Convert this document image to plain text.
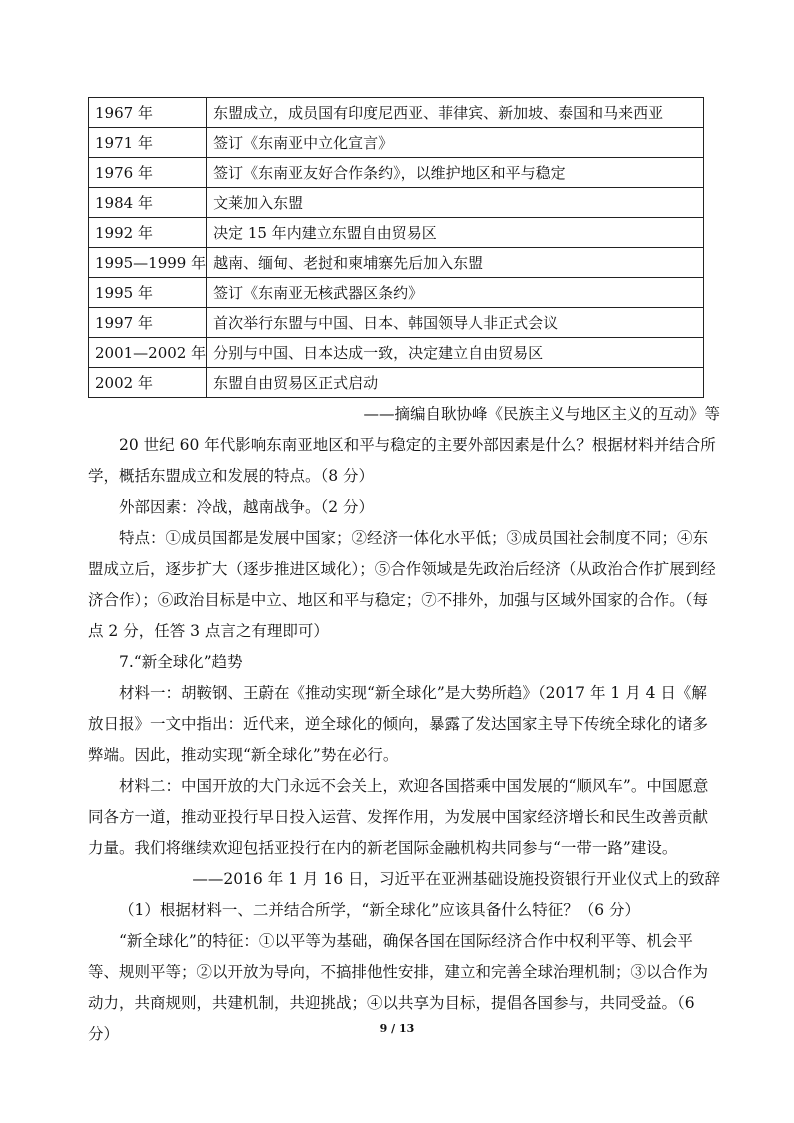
1967 年	东盟成立，成员国有印度尼西亚、菲律宾、新加坡、泰国和马来西亚
1971 年	签订《东南亚中立化宣言》
1976 年	签订《东南亚友好合作条约》，以维护地区和平与稳定
1984 年	文莱加入东盟
1992 年	决定 15 年内建立东盟自由贸易区
1995—1999 年	越南、缅甸、老挝和柬埔寨先后加入东盟
1995 年	签订《东南亚无核武器区条约》
1997 年	首次举行东盟与中国、日本、韩国领导人非正式会议
2001—2002 年	分别与中国、日本达成一致，决定建立自由贸易区
2002 年	东盟自由贸易区正式启动
——摘编自耿协峰《民族主义与地区主义的互动》等
20 世纪 60 年代影响东南亚地区和平与稳定的主要外部因素是什么？根据材料并结合所
学，概括东盟成立和发展的特点。（8 分）
外部因素：冷战，越南战争。（2 分）
特点：①成员国都是发展中国家；②经济一体化水平低；③成员国社会制度不同；④东
盟成立后，逐步扩大（逐步推进区域化）；⑤合作领域是先政治后经济（从政治合作扩展到经
济合作）；⑥政治目标是中立、地区和平与稳定；⑦不排外，加强与区域外国家的合作。（每
点 2 分，任答 3 点言之有理即可）
7.“新全球化”趋势
材料一：胡鞍钢、王蔚在《推动实现“新全球化”是大势所趋》（2017 年 1 月 4 日《解
放日报》一文中指出：近代来，逆全球化的倾向，暴露了发达国家主导下传统全球化的诸多
弊端。因此，推动实现“新全球化”势在必行。
材料二：中国开放的大门永远不会关上，欢迎各国搭乘中国发展的“顺风车”。中国愿意
同各方一道，推动亚投行早日投入运营、发挥作用，为发展中国家经济增长和民生改善贡献
力量。我们将继续欢迎包括亚投行在内的新老国际金融机构共同参与“一带一路”建设。
——2016 年 1 月 16 日，习近平在亚洲基础设施投资银行开业仪式上的致辞
（1）根据材料一、二并结合所学，“新全球化”应该具备什么特征？（6 分）
“新全球化”的特征：①以平等为基础，确保各国在国际经济合作中权利平等、机会平
等、规则平等；②以开放为导向，不搞排他性安排，建立和完善全球治理机制；③以合作为
动力，共商规则，共建机制，共迎挑战；④以共享为目标，提倡各国参与，共同受益。（6
分）	9 / 13
